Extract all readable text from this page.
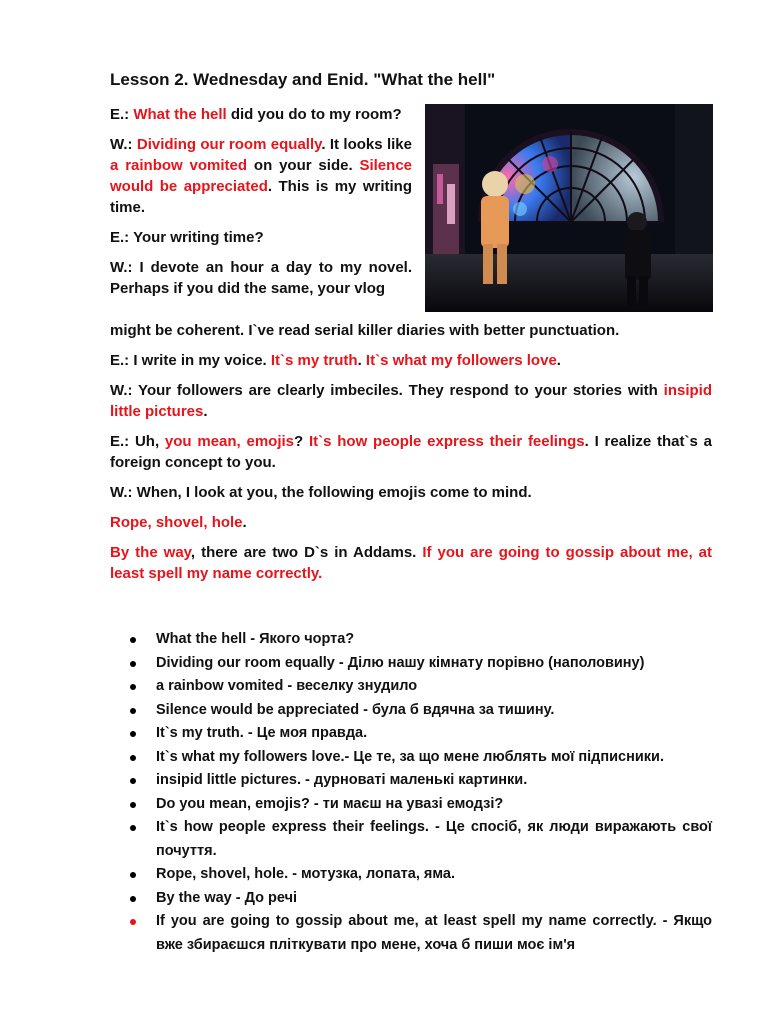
Lesson 2. Wednesday and Enid. "What the hell"

E.: What the hell did you do to my room?

W.: Dividing our room equally. It looks like a rainbow vomited on your side. Silence would be appreciated. This is my writing time.

E.: Your writing time?

W.: I devote an hour a day to my novel. Perhaps if you did the same, your vlog

might be coherent. I`ve read serial killer diaries with better punctuation.

E.: I write in my voice. It`s my truth. It`s what my followers love.

W.: Your followers are clearly imbeciles. They respond to your stories with insipid little pictures.

E.: Uh, you mean, emojis? It`s how people express their feelings. I realize that`s a foreign concept to you.

W.: When, I look at you, the following emojis come to mind.

Rope, shovel, hole.

By the way, there are two D`s in Addams. If you are going to gossip about me, at least spell my name correctly.

What the hell - Якого чорта?
Dividing our room equally - Ділю нашу кімнату порівно (наполовину)
a rainbow vomited - веселку знудило
Silence would be appreciated - була б вдячна за тишину.
It`s my truth. - Це моя правда.
It`s what my followers love.- Це те, за що мене люблять мої підписники.
insipid little pictures. - дурноваті маленькі картинки.
Do you mean, emojis? - ти маєш на увазі емодзі?
It`s how people express their feelings. - Це спосіб, як люди виражають свої почуття.
Rope, shovel, hole. - мотузка, лопата, яма.
By the way - До речі
If you are going to gossip about me, at least spell my name correctly. - Якщо вже збираєшся пліткувати про мене, хоча б пиши моє ім'я
